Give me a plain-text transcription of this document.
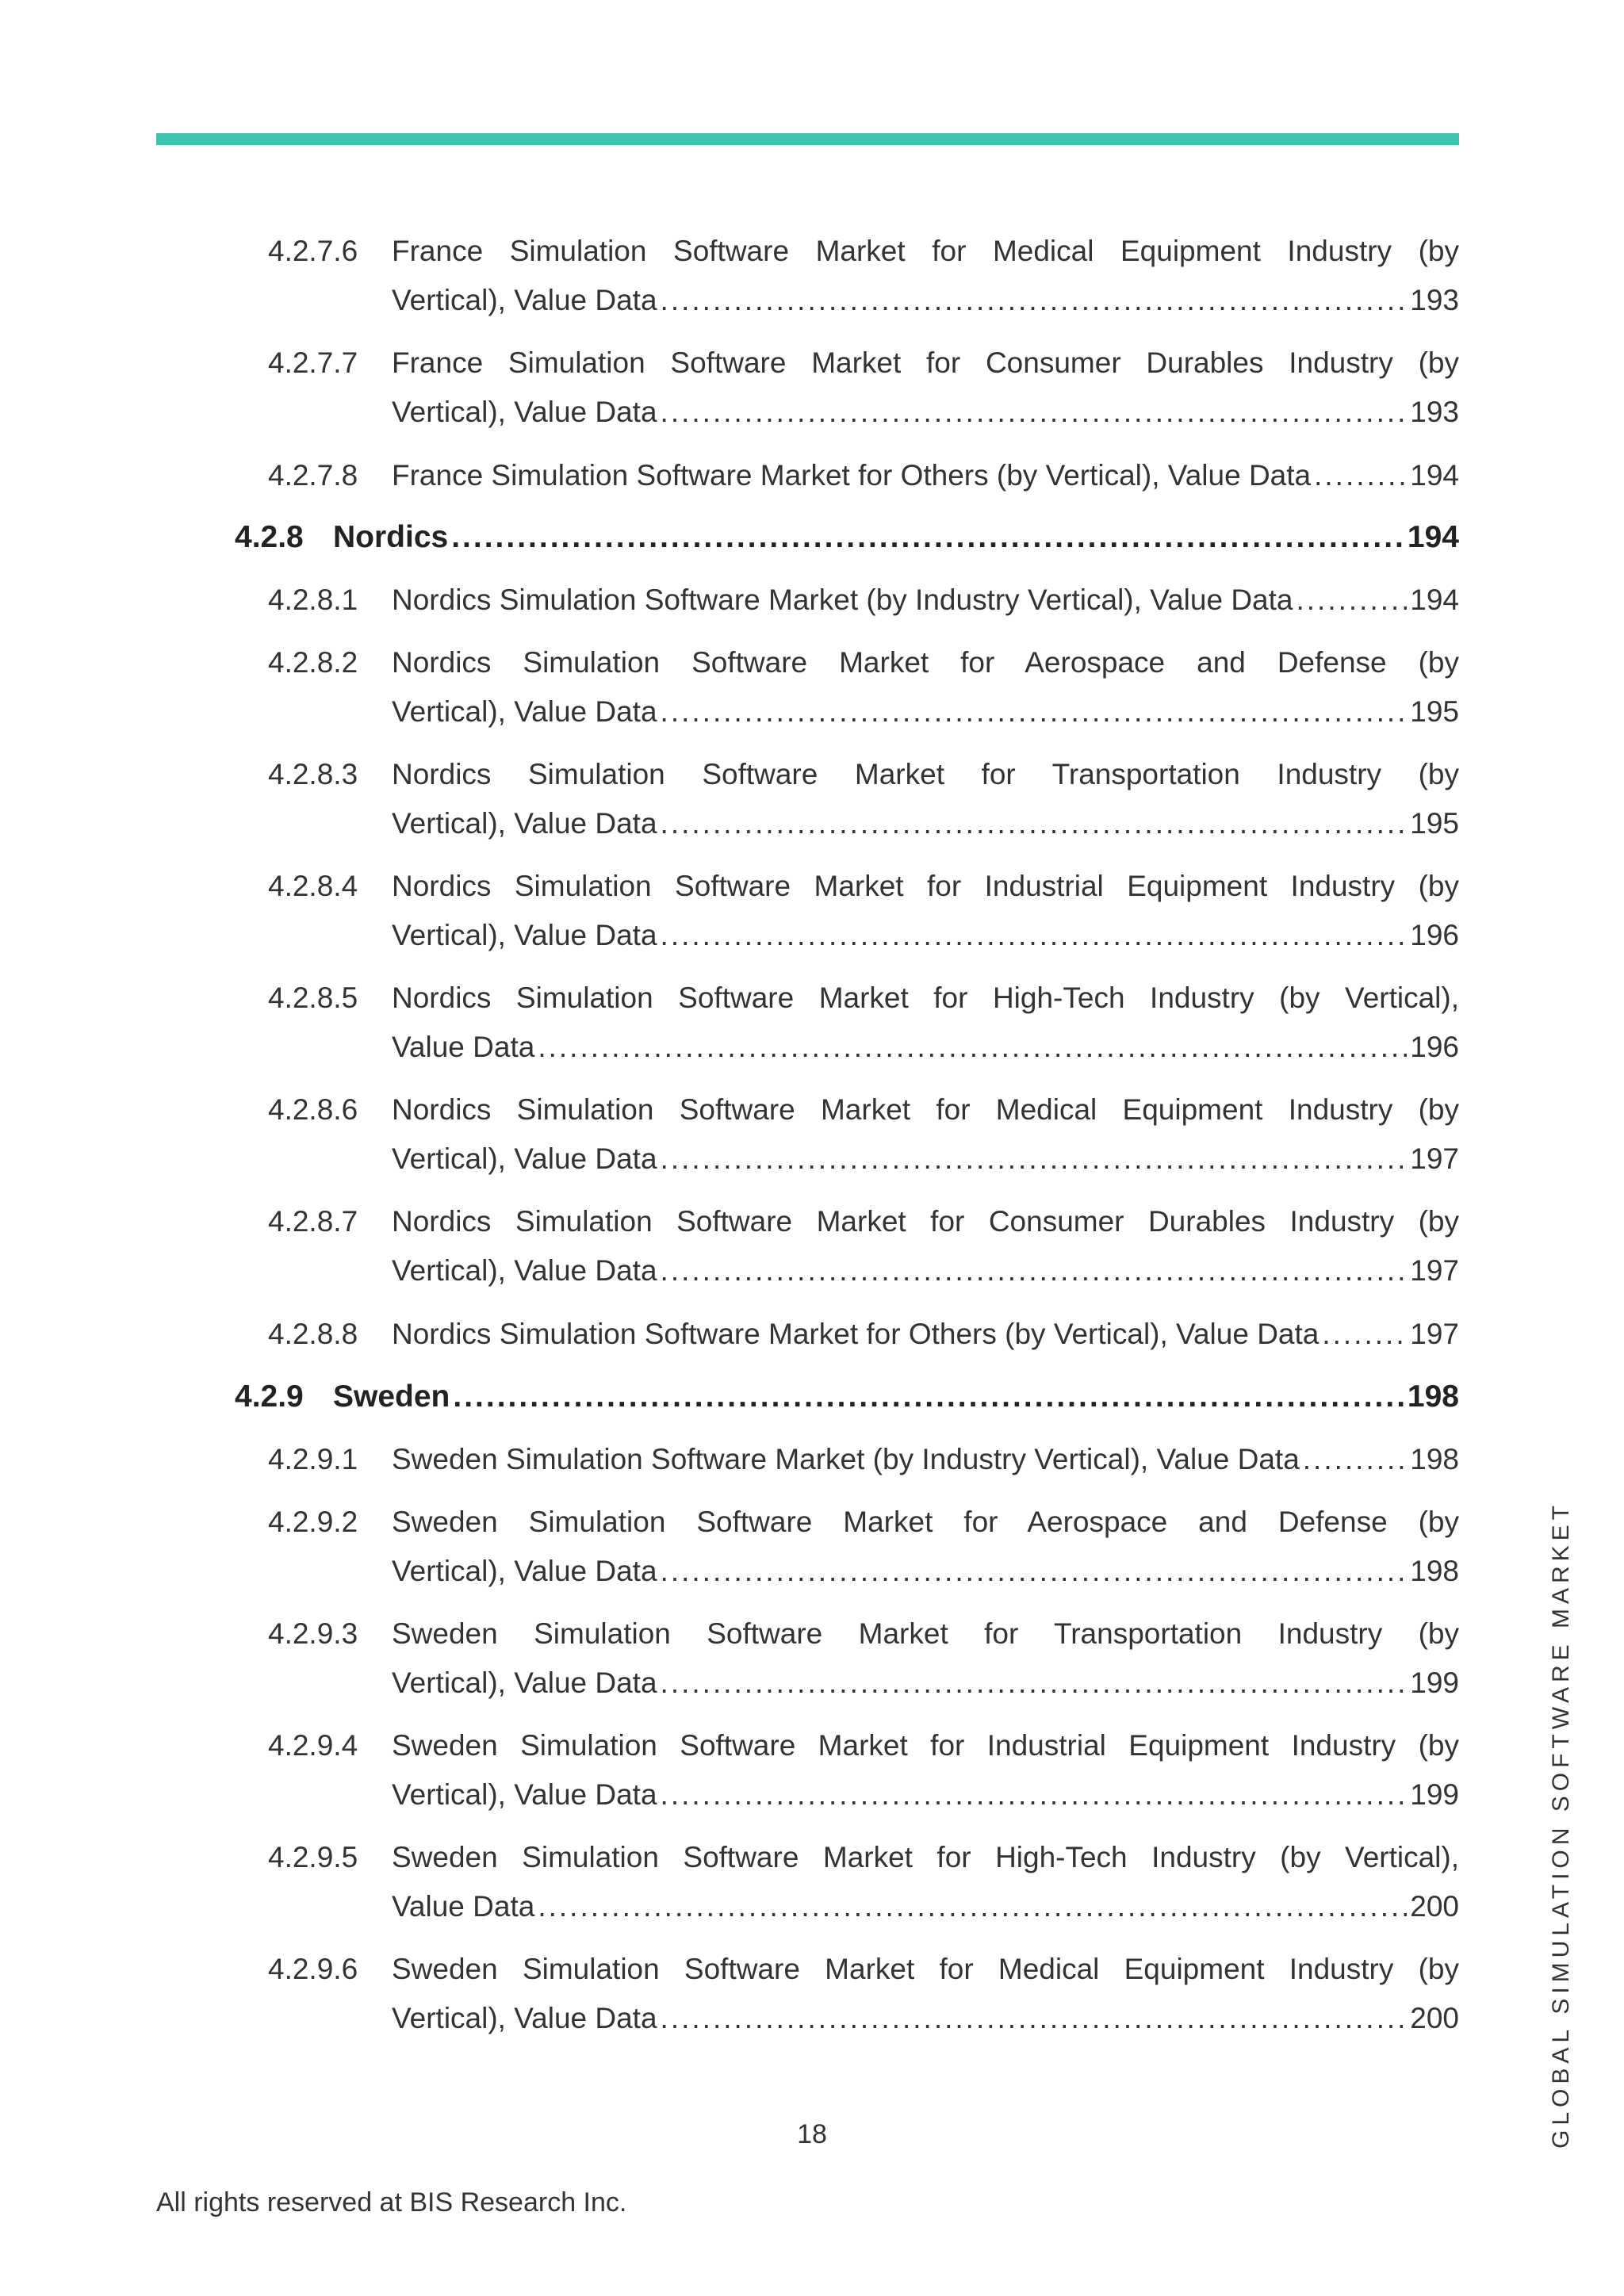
4.2.7.6 France Simulation Software Market for Medical Equipment Industry (by
Vertical), Value Data .....	193
4.2.7.7 France Simulation Software Market for Consumer Durables Industry (by
Vertical), Value Data .....	193
4.2.7.8 France Simulation Software Market for Others (by Vertical), Value Data .....	194
4.2.8 Nordics .....	194
4.2.8.1 Nordics Simulation Software Market (by Industry Vertical), Value Data .....	194
4.2.8.2 Nordics Simulation Software Market for Aerospace and Defense (by
Vertical), Value Data .....	195
4.2.8.3 Nordics Simulation Software Market for Transportation Industry (by
Vertical), Value Data .....	195
4.2.8.4 Nordics Simulation Software Market for Industrial Equipment Industry (by
Vertical), Value Data .....	196
4.2.8.5 Nordics Simulation Software Market for High-Tech Industry (by Vertical),
Value Data .....	196
4.2.8.6 Nordics Simulation Software Market for Medical Equipment Industry (by
Vertical), Value Data .....	197
4.2.8.7 Nordics Simulation Software Market for Consumer Durables Industry (by
Vertical), Value Data .....	197
4.2.8.8 Nordics Simulation Software Market for Others (by Vertical), Value Data .....	197
4.2.9 Sweden .....	198
4.2.9.1 Sweden Simulation Software Market (by Industry Vertical), Value Data .....	198
4.2.9.2 Sweden Simulation Software Market for Aerospace and Defense (by
Vertical), Value Data .....	198
4.2.9.3 Sweden Simulation Software Market for Transportation Industry (by
Vertical), Value Data .....	199
4.2.9.4 Sweden Simulation Software Market for Industrial Equipment Industry (by
Vertical), Value Data .....	199
4.2.9.5 Sweden Simulation Software Market for High-Tech Industry (by Vertical),
Value Data .....	200
4.2.9.6 Sweden Simulation Software Market for Medical Equipment Industry (by
Vertical), Value Data .....	200
18
All rights reserved at BIS Research Inc.
GLOBAL SIMULATION SOFTWARE MARKET
